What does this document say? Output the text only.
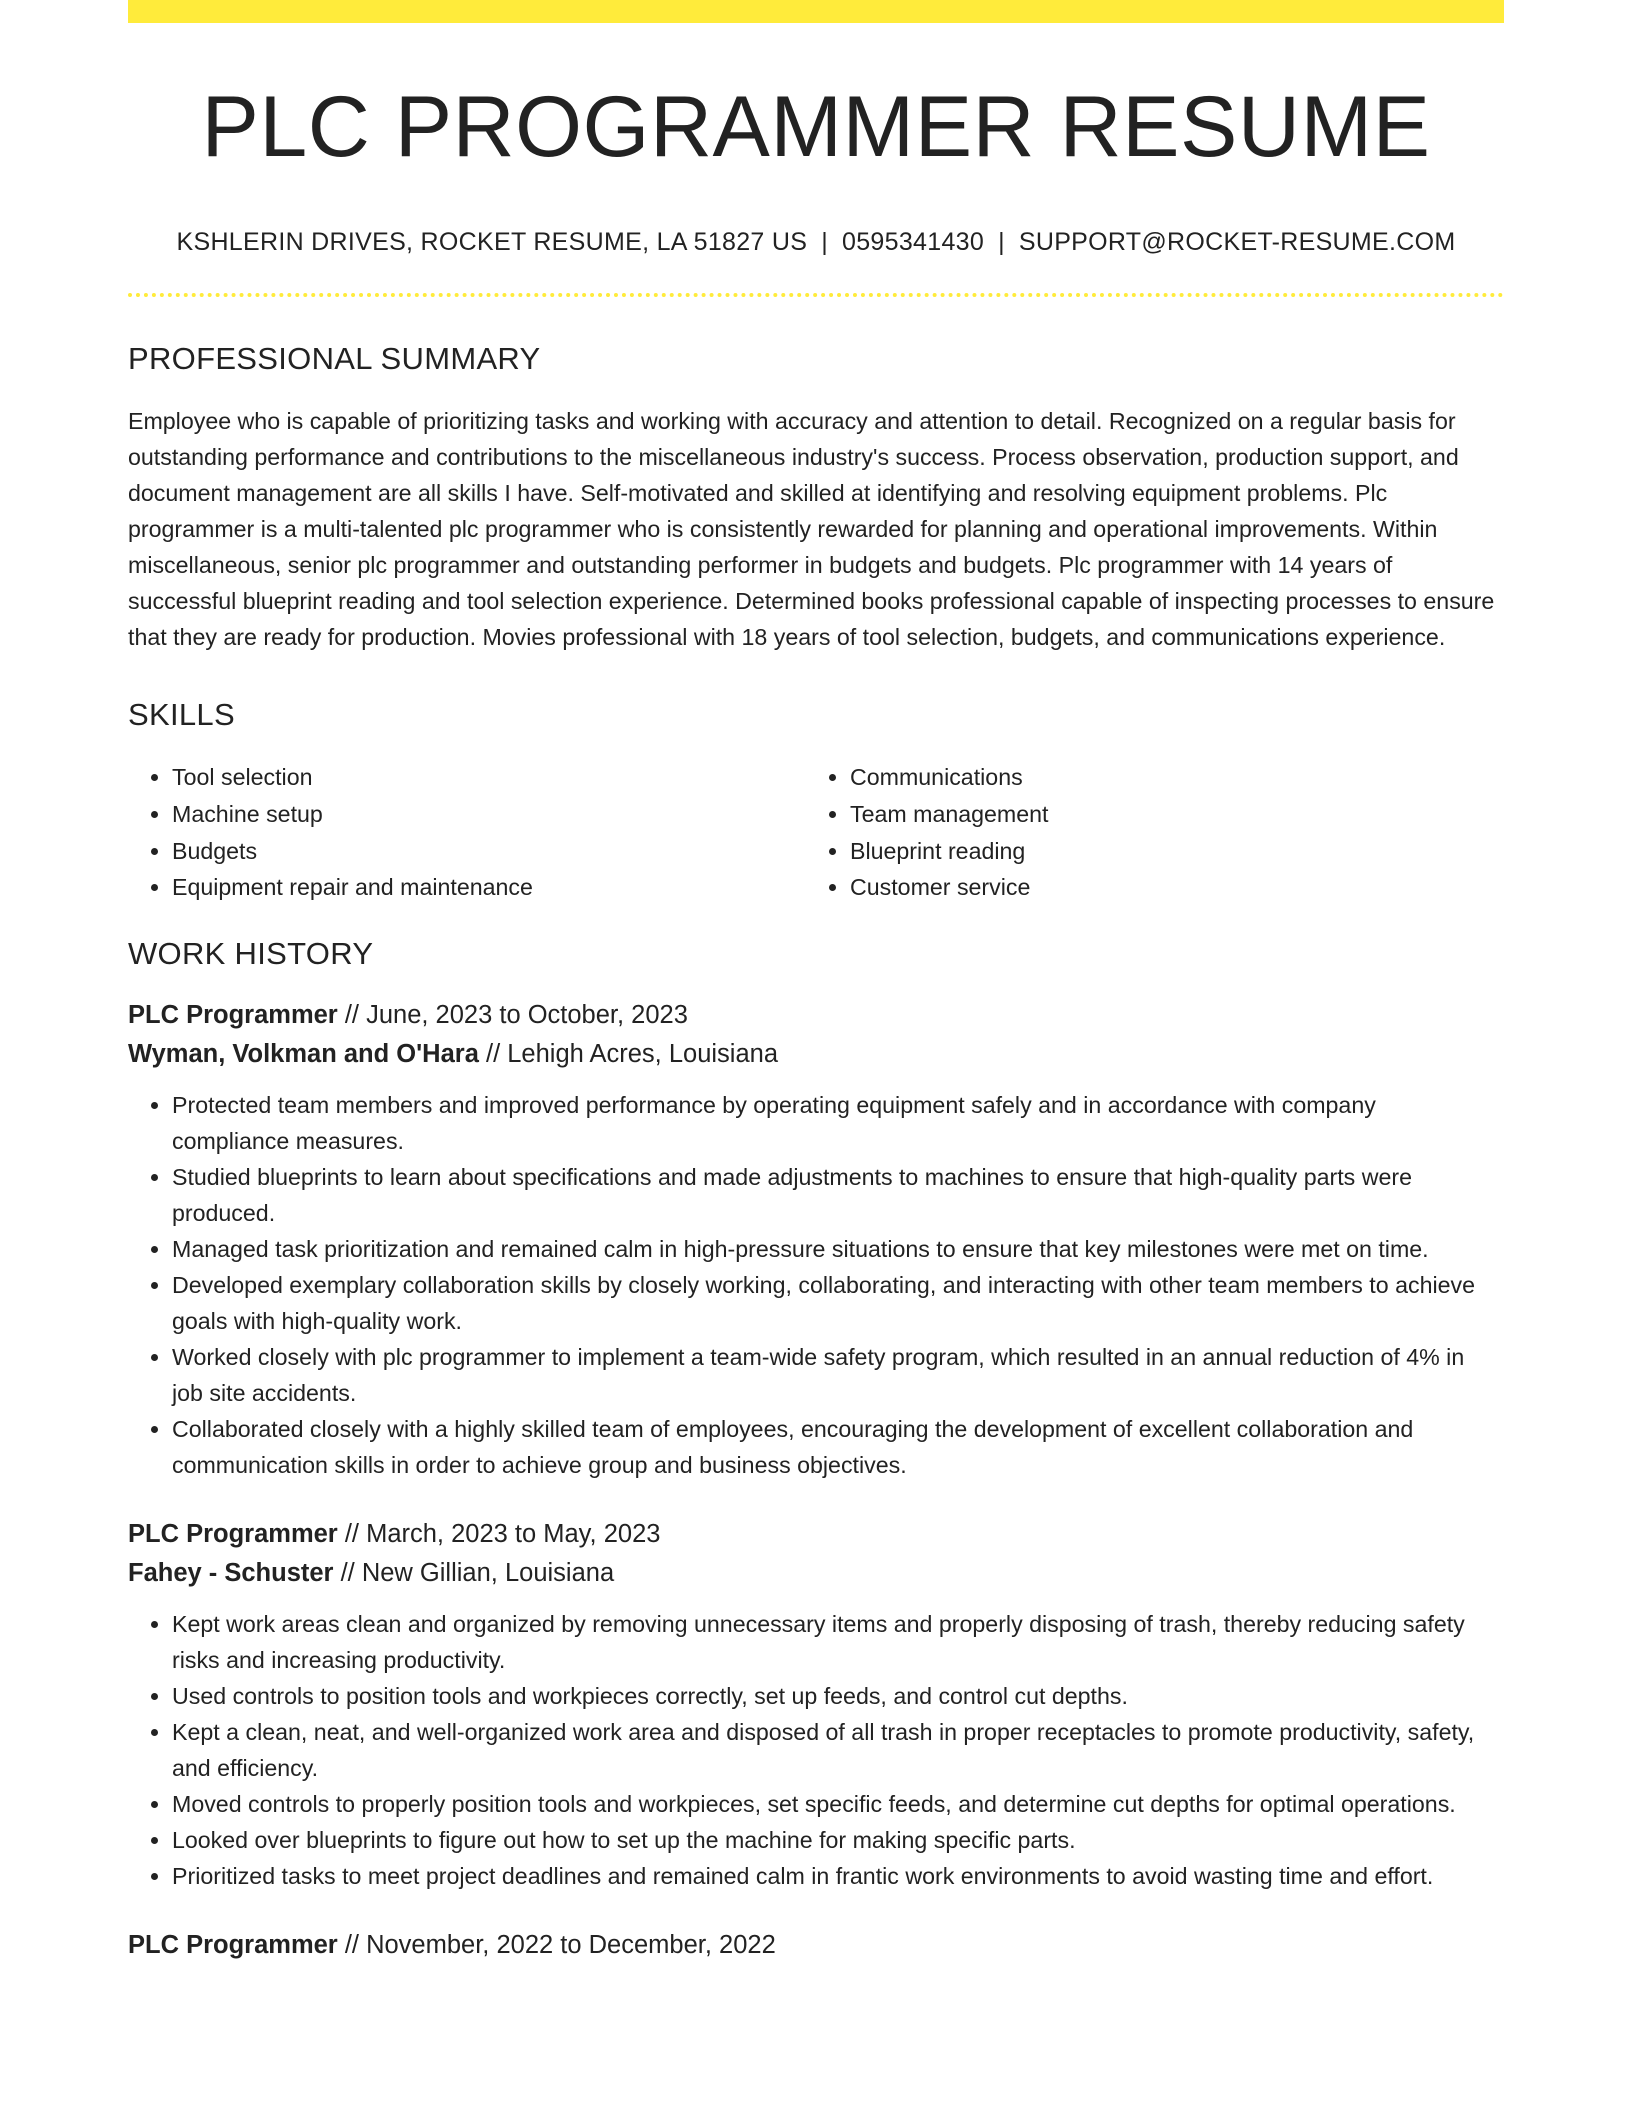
PLC PROGRAMMER RESUME
KSHLERIN DRIVES, ROCKET RESUME, LA 51827 US | 0595341430 | SUPPORT@ROCKET-RESUME.COM
PROFESSIONAL SUMMARY

Employee who is capable of prioritizing tasks and working with accuracy and attention to detail. Recognized on a regular basis for outstanding performance and contributions to the miscellaneous industry's success. Process observation, production support, and document management are all skills I have. Self-motivated and skilled at identifying and resolving equipment problems. Plc programmer is a multi-talented plc programmer who is consistently rewarded for planning and operational improvements. Within miscellaneous, senior plc programmer and outstanding performer in budgets and budgets. Plc programmer with 14 years of successful blueprint reading and tool selection experience. Determined books professional capable of inspecting processes to ensure that they are ready for production. Movies professional with 18 years of tool selection, budgets, and communications experience.

SKILLS
• Tool selection
• Machine setup
• Budgets
• Equipment repair and maintenance
• Communications
• Team management
• Blueprint reading
• Customer service
WORK HISTORY
PLC Programmer // June, 2023 to October, 2023
Wyman, Volkman and O'Hara // Lehigh Acres, Louisiana
• Protected team members and improved performance by operating equipment safely and in accordance with company compliance measures.
• Studied blueprints to learn about specifications and made adjustments to machines to ensure that high-quality parts were produced.
• Managed task prioritization and remained calm in high-pressure situations to ensure that key milestones were met on time.
• Developed exemplary collaboration skills by closely working, collaborating, and interacting with other team members to achieve goals with high-quality work.
• Worked closely with plc programmer to implement a team-wide safety program, which resulted in an annual reduction of 4% in job site accidents.
• Collaborated closely with a highly skilled team of employees, encouraging the development of excellent collaboration and communication skills in order to achieve group and business objectives.
PLC Programmer // March, 2023 to May, 2023
Fahey - Schuster // New Gillian, Louisiana
• Kept work areas clean and organized by removing unnecessary items and properly disposing of trash, thereby reducing safety risks and increasing productivity.
• Used controls to position tools and workpieces correctly, set up feeds, and control cut depths.
• Kept a clean, neat, and well-organized work area and disposed of all trash in proper receptacles to promote productivity, safety, and efficiency.
• Moved controls to properly position tools and workpieces, set specific feeds, and determine cut depths for optimal operations.
• Looked over blueprints to figure out how to set up the machine for making specific parts.
• Prioritized tasks to meet project deadlines and remained calm in frantic work environments to avoid wasting time and effort.
PLC Programmer // November, 2022 to December, 2022
